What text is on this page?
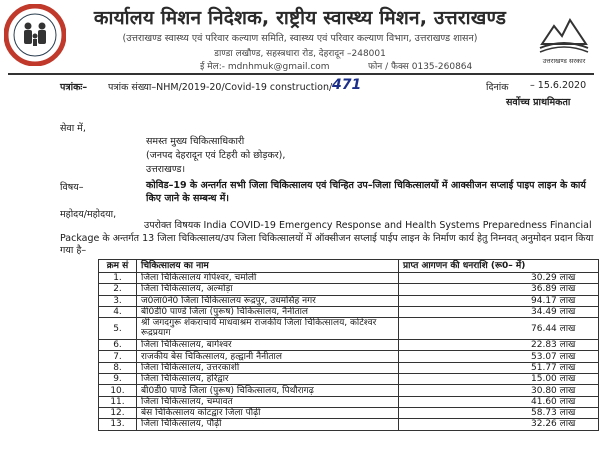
कार्यालय मिशन निदेशक, राष्ट्रीय स्वास्थ्य मिशन, उत्तराखण्ड
(उत्तराखण्ड स्वास्थ्य एवं परिवार कल्याण समिति, स्वास्थ्य एवं परिवार कल्याण विभाग, उत्तराखण्ड शासन)
डाण्डा लखौण्ड, सहस्त्रधारा रोड, देहरादून –248001
ई मेल:- mdnhmuk@gmail.com	फोन / फैक्स 0135-260864
उत्तराखण्ड सरकार
पत्रांकः– पत्रांक संख्या–NHM/2019-20/Covid-19 construction/ 471	दिनांक – 15.6.2020
सर्वोच्च प्राथमिकता
सेवा में,
समस्त मुख्य चिकित्साधिकारी
(जनपद देहरादून एवं टिहरी को छोड़कर),
उत्तराखण्ड।
विषय–	कोविड–19 के अन्तर्गत सभी जिला चिकित्सालय एवं चिन्हित उप–जिला चिकित्सालयों में आक्सीजन सप्लाई पाइप लाइन के कार्य किए जाने के सम्बन्ध में।
महोदय/महोदया,
उपरोक्त विषयक India COVID-19 Emergency Response and Health Systems Preparedness Financial Package के अन्तर्गत 13 जिला चिकित्सालय/उप जिला चिकित्सालयों में ऑक्सीजन सप्लाई पाईप लाइन के निर्माण कार्य हेतु निम्नवत् अनुमोदन प्रदान किया गया है–
क्रम सं	चिकित्सालय का नाम	प्राप्त आगणन की धनराशि (रू0– में)
1.	जिला चिकित्सालय गोपेश्वर, चमोली	30.29 लाख
2.	जिला चिकित्सालय, अल्मोड़ा	36.89 लाख
3.	ज0ला0ने0 जिला चिकित्सालय रूद्रपुर, उधमसिंह नगर	94.17 लाख
4.	बी0डी0 पाण्डे जिला (पुरूष) चिकित्सालय, नैनीताल	34.49 लाख
5.	श्री जगदगुरू शंकराचार्य माधवाश्रम राजकीय जिला चिकित्सालय, कोटेश्वर रूद्रप्रयाग	76.44 लाख
6.	जिला चिकित्सालय, बागेश्वर	22.83 लाख
7.	राजकीय बेस चिकित्सालय, हल्द्वानी नैनीताल	53.07 लाख
8.	जिला चिकित्सालय, उत्तरकाशी	51.77 लाख
9.	जिला चिकित्सालय, हरिद्वार	15.00 लाख
10.	बी0डी0 पाण्डे जिला (पुरूष) चिकित्सालय, पिथौरागढ़	30.80 लाख
11.	जिला चिकित्सालय, चम्पावत	41.60 लाख
12.	बेस चिकित्सालय कोटद्वार जिला पौढ़ी	58.73 लाख
13.	जिला चिकित्सालय, पौढ़ी	32.26 लाख
